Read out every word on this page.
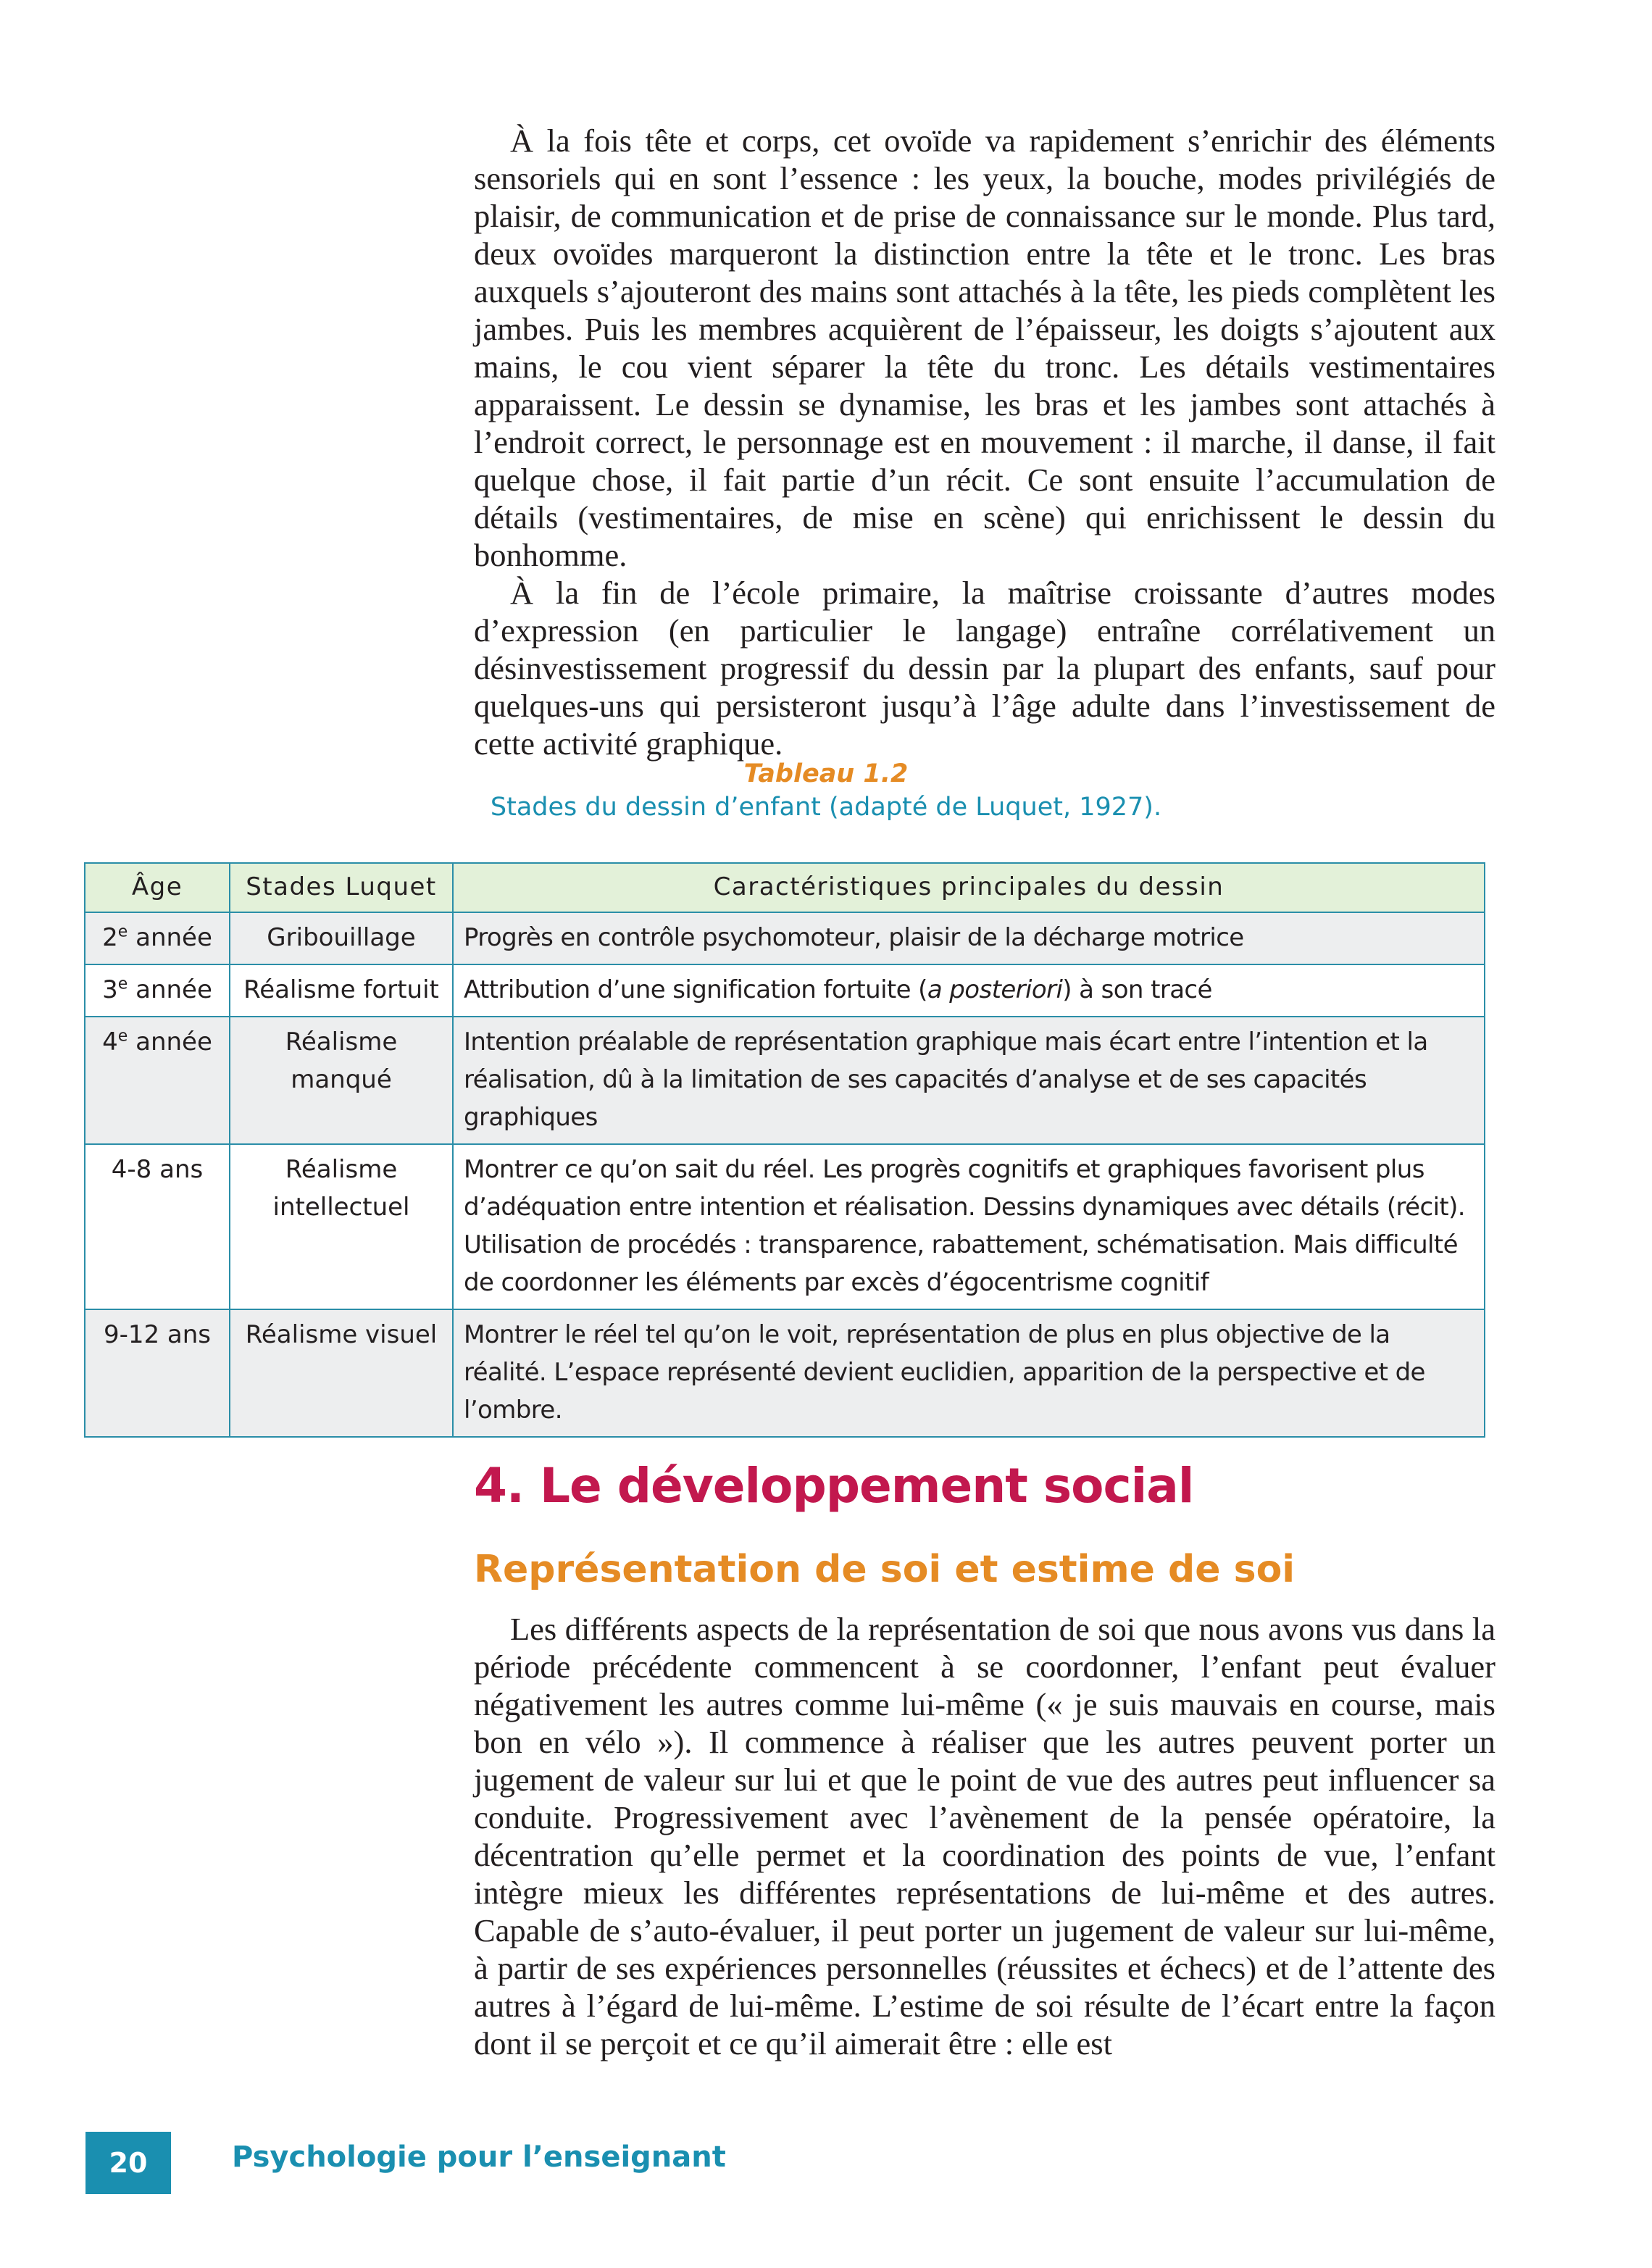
À la fois tête et corps, cet ovoïde va rapidement s’enrichir des éléments sensoriels qui en sont l’essence : les yeux, la bouche, modes privilégiés de plaisir, de communication et de prise de connaissance sur le monde. Plus tard, deux ovoïdes marqueront la distinction entre la tête et le tronc. Les bras auxquels s’ajouteront des mains sont attachés à la tête, les pieds complètent les jambes. Puis les membres acquièrent de l’épaisseur, les doigts s’ajoutent aux mains, le cou vient séparer la tête du tronc. Les détails vestimentaires apparaissent. Le dessin se dynamise, les bras et les jambes sont attachés à l’endroit correct, le personnage est en mouvement : il marche, il danse, il fait quelque chose, il fait partie d’un récit. Ce sont ensuite l’accumulation de détails (vestimentaires, de mise en scène) qui enrichissent le dessin du bonhomme.

À la fin de l’école primaire, la maîtrise croissante d’autres modes d’expression (en particulier le langage) entraîne corrélativement un désinvestissement progressif du dessin par la plupart des enfants, sauf pour quelques-uns qui persisteront jusqu’à l’âge adulte dans l’investissement de cette activité graphique.

Tableau 1.2
Stades du dessin d’enfant (adapté de Luquet, 1927).
Âge	Stades Luquet	Caractéristiques principales du dessin
2e année	Gribouillage	Progrès en contrôle psychomoteur, plaisir de la décharge motrice
3e année	Réalisme fortuit	Attribution d’une signification fortuite (a posteriori) à son tracé
4e année	Réalisme manqué	Intention préalable de représentation graphique mais écart entre l’intention et la réalisation, dû à la limitation de ses capacités d’analyse et de ses capacités graphiques
4-8 ans	Réalisme intellectuel	Montrer ce qu’on sait du réel. Les progrès cognitifs et graphiques favorisent plus d’adéquation entre intention et réalisation. Dessins dynamiques avec détails (récit). Utilisation de procédés : transparence, rabattement, schématisation. Mais difficulté de coordonner les éléments par excès d’égocentrisme cognitif
9-12 ans	Réalisme visuel	Montrer le réel tel qu’on le voit, représentation de plus en plus objective de la réalité. L’espace représenté devient euclidien, apparition de la perspective et de l’ombre.
4. Le développement social
Représentation de soi et estime de soi

Les différents aspects de la représentation de soi que nous avons vus dans la période précédente commencent à se coordonner, l’enfant peut évaluer négativement les autres comme lui-même (« je suis mauvais en course, mais bon en vélo »). Il commence à réaliser que les autres peuvent porter un jugement de valeur sur lui et que le point de vue des autres peut influencer sa conduite. Progressivement avec l’avènement de la pensée opératoire, la décentration qu’elle permet et la coordination des points de vue, l’enfant intègre mieux les différentes représentations de lui-même et des autres. Capable de s’auto-évaluer, il peut porter un jugement de valeur sur lui-même, à partir de ses expériences personnelles (réussites et échecs) et de l’attente des autres à l’égard de lui-même. L’estime de soi résulte de l’écart entre la façon dont il se perçoit et ce qu’il aimerait être : elle est

20	Psychologie pour l’enseignant
